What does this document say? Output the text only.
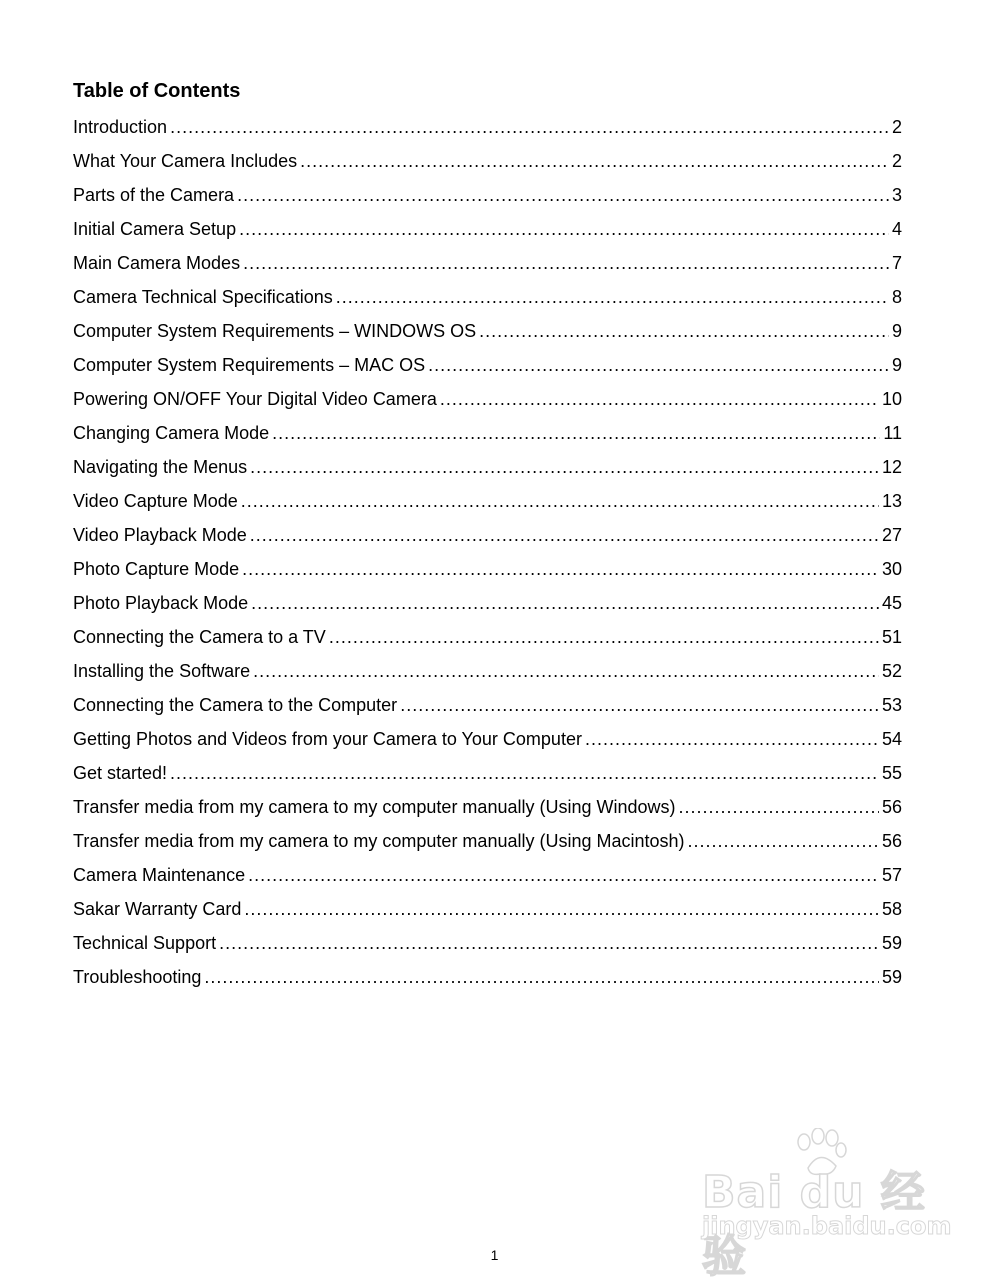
Table of Contents
Introduction .....	2
What Your Camera Includes .....	2
Parts of the Camera .....	3
Initial Camera Setup .....	4
Main Camera Modes .....	7
Camera Technical Specifications .....	8
Computer System Requirements – WINDOWS OS .....	9
Computer System Requirements – MAC OS .....	9
Powering ON/OFF Your Digital Video Camera .....	10
Changing Camera Mode .....	11
Navigating the Menus .....	12
Video Capture Mode .....	13
Video Playback Mode .....	27
Photo Capture Mode .....	30
Photo Playback Mode .....	45
Connecting the Camera to a TV .....	51
Installing the Software .....	52
Connecting the Camera to the Computer .....	53
Getting Photos and Videos from your Camera to Your Computer .....	54
Get started! .....	55
Transfer media from my camera to my computer manually (Using Windows) .....	56
Transfer media from my camera to my computer manually (Using Macintosh) .....	56
Camera Maintenance .....	57
Sakar Warranty Card .....	58
Technical Support .....	59
Troubleshooting .....	59
Bai du 经验
jingyan.baidu.com
1
